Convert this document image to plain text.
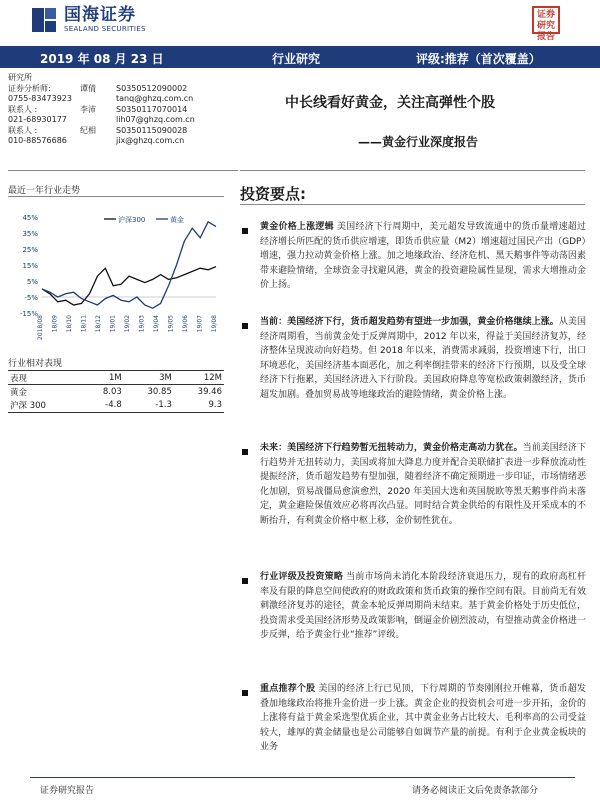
国海证券
SEALAND SECURITIES
证券研究报告
2019 年 08 月 23 日	行业研究	评级:推荐（首次覆盖）
研究所
证券分析师:	谭倩	S0350512090002
0755-83473923	tanq@ghzq.com.cn
联系人 :	李沛	S0350117070014
021-68930177	lih07@ghzq.com.cn
联系人 :	纪相	S0350115090028
010-88576686	jix@ghzq.com.cn
中长线看好黄金，关注高弹性个股
——黄金行业深度报告
最近一年行业走势
45%
35%
25%
15%
5%
-5%
-15%
2018/08 18/09 18/10 18/11 18/12 19/01 19/02 19/03 19/04 19/05 19/06 19/07 19/08
沪深300	黄金
行业相对表现
表现	1M	3M	12M
黄金	8.03	30.85	39.46
沪深 300	-4.8	-1.3	9.3
投资要点:
黄金价格上涨逻辑 美国经济下行周期中，美元超发导致流通中的货币量增速超过经济增长所匹配的货币供应增速，即货币供应量（M2）增速超过国民产出（GDP）增速，强力拉动黄金价格上涨。加之地缘政治、经济危机、黑天鹅事件等动荡因素带来避险情绪，全球资金寻找避风港，黄金的投资避险属性显现，需求大增推动金价上扬。
当前：美国经济下行，货币超发趋势有望进一步加强，黄金价格继续上涨。从美国经济周期看，当前黄金处于反弹周期中，2012 年以来，得益于美国经济复苏，经济整体呈现波动向好趋势。但 2018 年以来，消费需求减弱，投资增速下行，出口环境恶化，美国经济基本面恶化，加之利率倒挂带来的经济下行预期，以及受全球经济下行拖累，美国经济进入下行阶段。美国政府降息等宽松政策刺激经济，货币超发加剧。叠加贸易战等地缘政治的避险情绪，黄金价格上涨。
未来：美国经济下行趋势暂无扭转动力，黄金价格走高动力犹在。当前美国经济下行趋势并无扭转动力，美国或将加大降息力度并配合美联储扩表进一步释放流动性提振经济，货币超发趋势有望加强，随着经济不确定预期进一步印证，市场情绪恶化加剧，贸易战僵局愈演愈烈，2020 年美国大选和英国脱欧等黑天鹅事件尚未落定，黄金避险保值效应必将再次凸显。同时结合黄金供给的有限性及开采成本的不断抬升，有利黄金价格中枢上移，金价韧性犹在。
行业评级及投资策略 当前市场尚未消化本阶段经济衰退压力，现有的政府高杠杆率及有限的降息空间使政府的财政政策和货币政策的操作空间有限。目前尚无有效刺激经济复苏的途径，黄金本轮反弹周期尚未结束。基于黄金价格处于历史低位，投资需求受美国经济形势及政策影响，倒逼金价剧烈波动，有望推动黄金价格进一步反弹，给予黄金行业“推荐”评级。
重点推荐个股 美国的经济上行已见顶，下行周期的节奏刚刚拉开帷幕，货币超发叠加地缘政治将推升金价进一步上涨。黄金企业的投资机会可进一步开拓，金价的上涨将有益于黄金采选型优质企业，其中黄金业务占比较大、毛利率高的公司受益较大，雄厚的黄金储量也是公司能够自如调节产量的前提。有利于企业黄金板块的业务
证券研究报告	请务必阅读正文后免责条款部分
